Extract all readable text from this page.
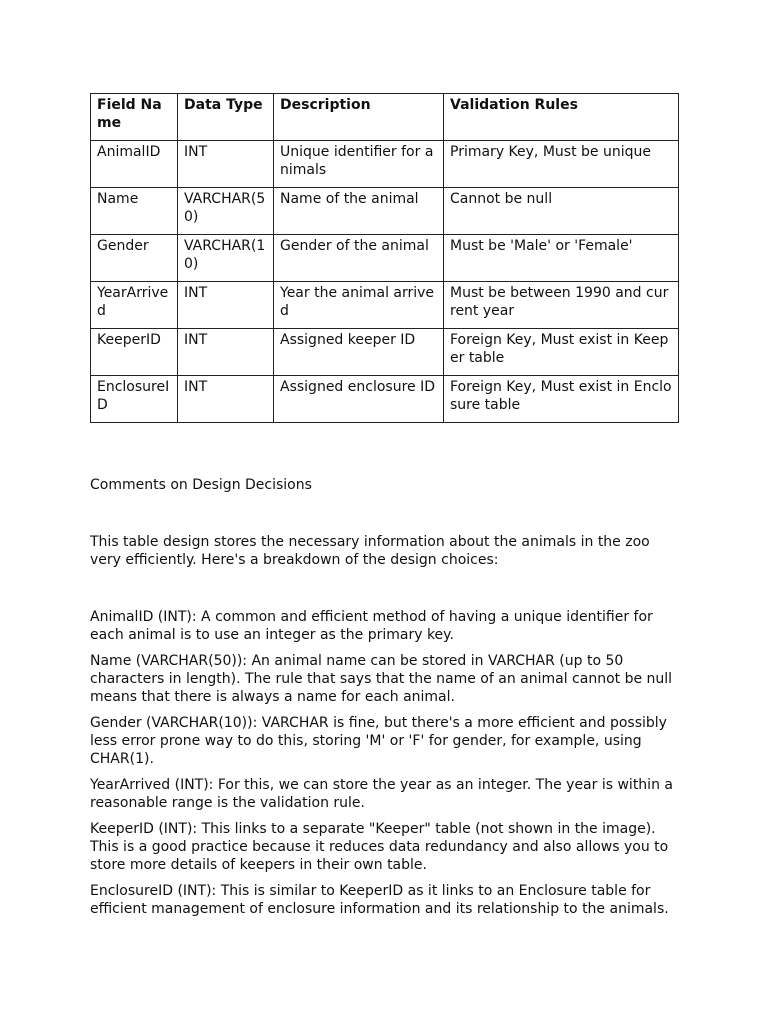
Field Name	Data Type	Description	Validation Rules
AnimalID	INT	Unique identifier for animals	Primary Key, Must be unique
Name	VARCHAR(50)	Name of the animal	Cannot be null
Gender	VARCHAR(10)	Gender of the animal	Must be 'Male' or 'Female'
YearArrived	INT	Year the animal arrived	Must be between 1990 and current year
KeeperID	INT	Assigned keeper ID	Foreign Key, Must exist in Keeper table
EnclosureID	INT	Assigned enclosure ID	Foreign Key, Must exist in Enclosure table

Comments on Design Decisions

This table design stores the necessary information about the animals in the zoo very efficiently. Here's a breakdown of the design choices:

AnimalID (INT): A common and efficient method of having a unique identifier for each animal is to use an integer as the primary key.

Name (VARCHAR(50)): An animal name can be stored in VARCHAR (up to 50 characters in length). The rule that says that the name of an animal cannot be null means that there is always a name for each animal.

Gender (VARCHAR(10)): VARCHAR is fine, but there's a more efficient and possibly less error prone way to do this, storing 'M' or 'F' for gender, for example, using CHAR(1).

YearArrived (INT): For this, we can store the year as an integer. The year is within a reasonable range is the validation rule.

KeeperID (INT): This links to a separate "Keeper" table (not shown in the image). This is a good practice because it reduces data redundancy and also allows you to store more details of keepers in their own table.

EnclosureID (INT): This is similar to KeeperID as it links to an Enclosure table for efficient management of enclosure information and its relationship to the animals.
